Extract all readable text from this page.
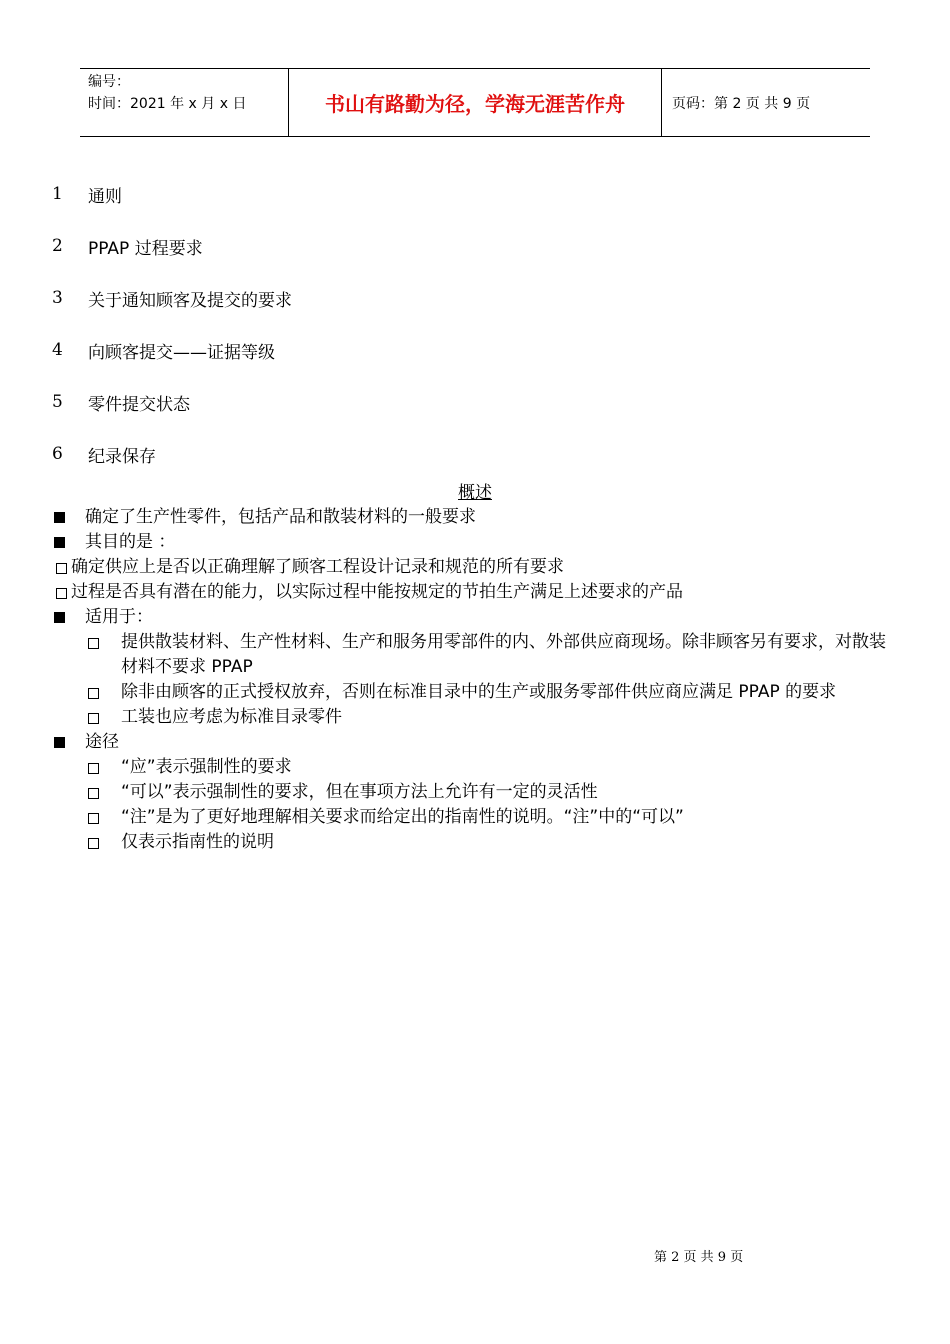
编号：
时间：2021 年 x 月 x 日	书山有路勤为径，学海无涯苦作舟	页码：第 2 页 共 9 页
1	通则
2	PPAP 过程要求
3	关于通知顾客及提交的要求
4	向顾客提交——证据等级
5	零件提交状态
6	纪录保存
概述
确定了生产性零件，包括产品和散装材料的一般要求
其目的是 ：
确定供应上是否以正确理解了顾客工程设计记录和规范的所有要求
过程是否具有潜在的能力，以实际过程中能按规定的节拍生产满足上述要求的产品
适用于：
提供散装材料、生产性材料、生产和服务用零部件的内、外部供应商现场。除非顾客另有要求，对散装材料不要求 PPAP
除非由顾客的正式授权放弃，否则在标准目录中的生产或服务零部件供应商应满足 PPAP 的要求
工装也应考虑为标准目录零件
途径
“应”表示强制性的要求
“可以”表示强制性的要求，但在事项方法上允许有一定的灵活性
“注”是为了更好地理解相关要求而给定出的指南性的说明。“注”中的“可以”
仅表示指南性的说明
第 2 页 共 9 页
